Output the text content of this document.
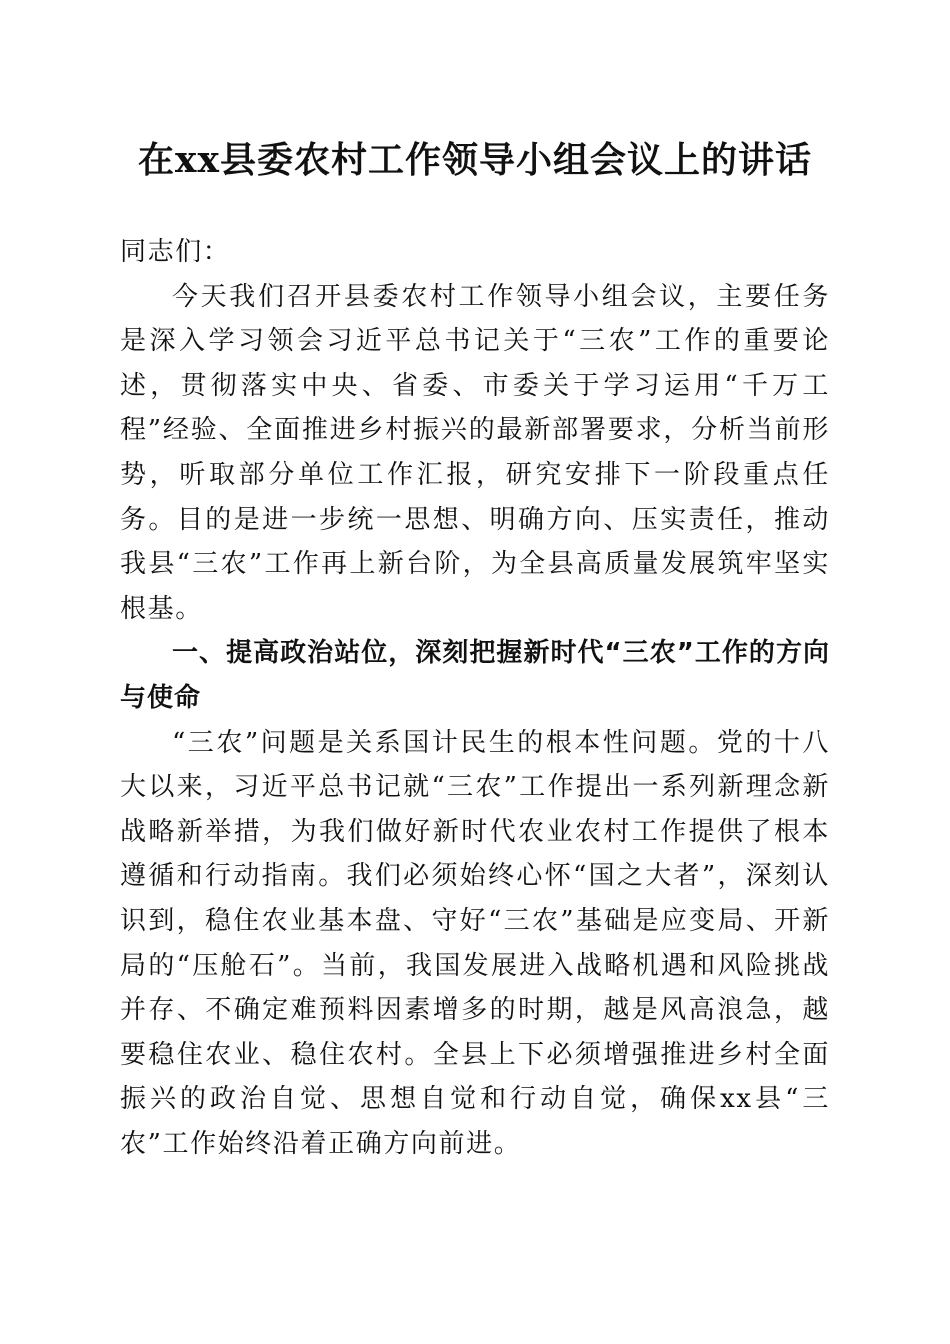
在xx县委农村工作领导小组会议上的讲话

同志们：

今天我们召开县委农村工作领导小组会议，主要任务是深入学习领会习近平总书记关于“三农”工作的重要论述，贯彻落实中央、省委、市委关于学习运用“千万工程”经验、全面推进乡村振兴的最新部署要求，分析当前形势，听取部分单位工作汇报，研究安排下一阶段重点任务。目的是进一步统一思想、明确方向、压实责任，推动我县“三农”工作再上新台阶，为全县高质量发展筑牢坚实根基。

一、提高政治站位，深刻把握新时代“三农”工作的方向与使命

“三农”问题是关系国计民生的根本性问题。党的十八大以来，习近平总书记就“三农”工作提出一系列新理念新战略新举措，为我们做好新时代农业农村工作提供了根本遵循和行动指南。我们必须始终心怀“国之大者”，深刻认识到，稳住农业基本盘、守好“三农”基础是应变局、开新局的“压舱石”。当前，我国发展进入战略机遇和风险挑战并存、不确定难预料因素增多的时期，越是风高浪急，越要稳住农业、稳住农村。全县上下必须增强推进乡村全面振兴的政治自觉、思想自觉和行动自觉，确保xx县“三农”工作始终沿着正确方向前进。
